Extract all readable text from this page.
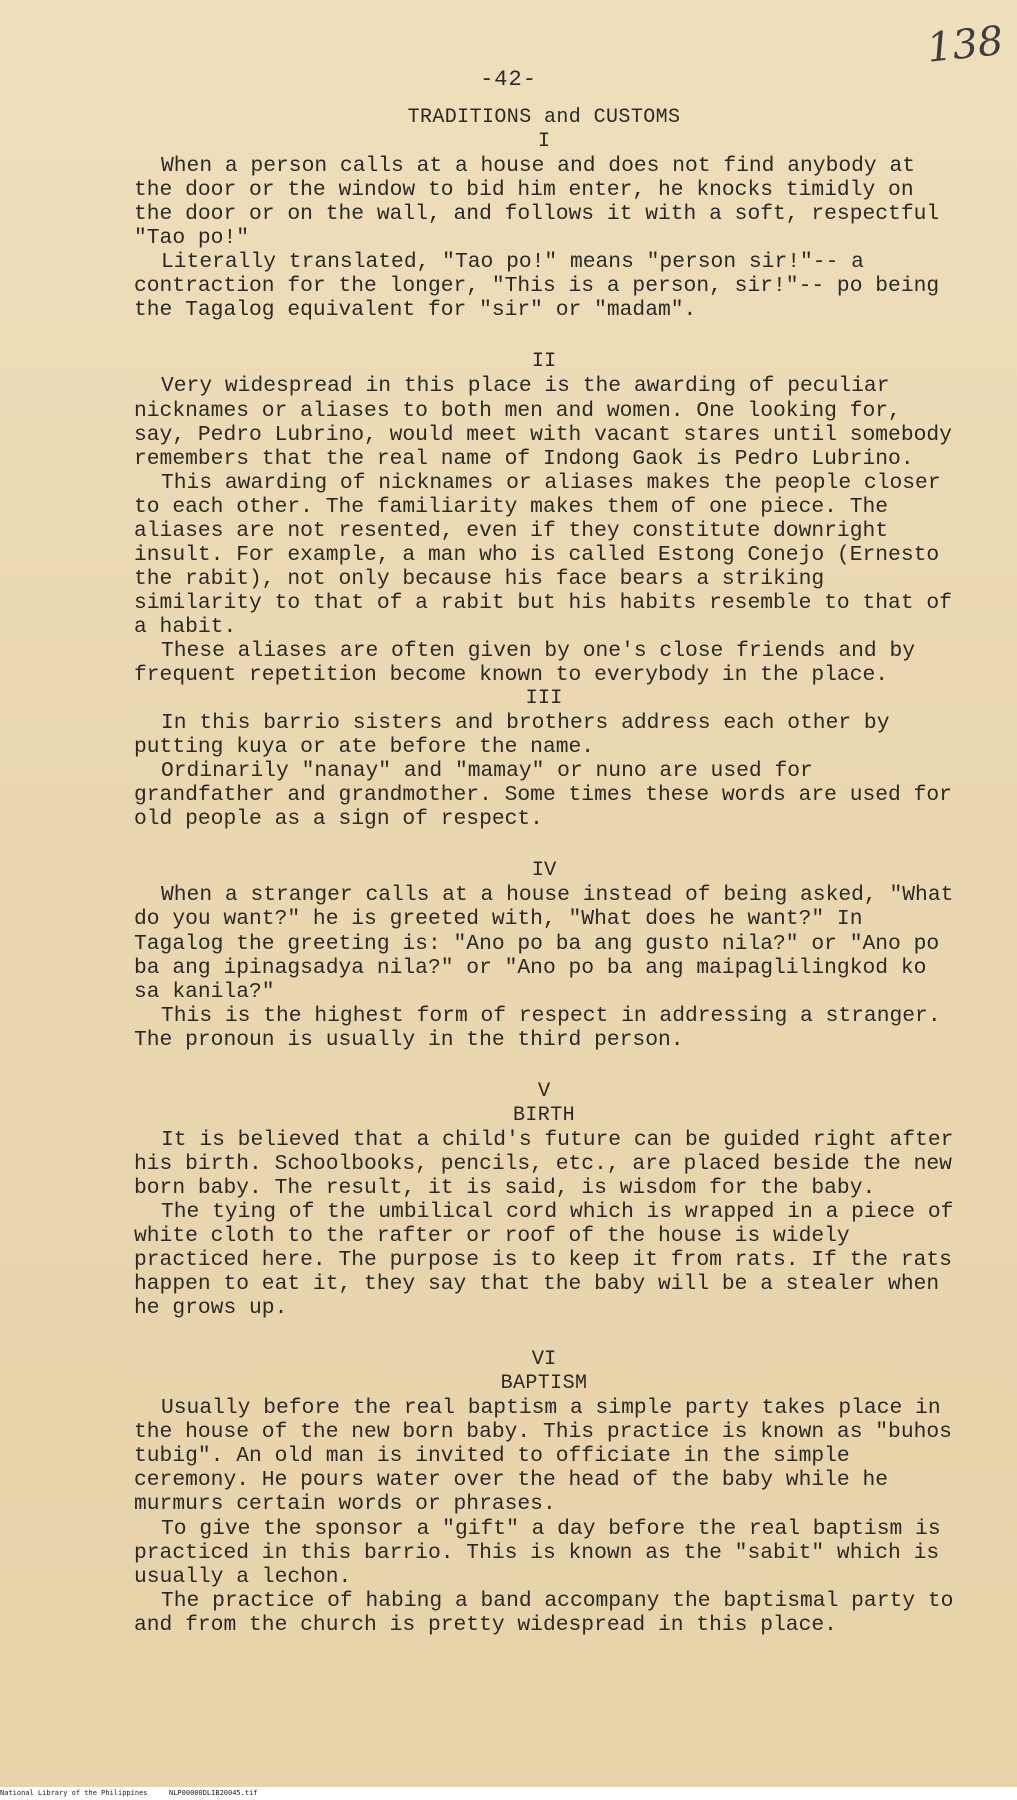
138
-42-
TRADITIONS and CUSTOMS
I

When a person calls at a house and does not find anybody at the door or the window to bid him enter, he knocks timidly on the door or on the wall, and follows it with a soft, respectful "Tao po!"

Literally translated, "Tao po!" means "person sir!"-- a contraction for the longer, "This is a person, sir!"-- po being the Tagalog equivalent for "sir" or "madam".

II

Very widespread in this place is the awarding of peculiar nicknames or aliases to both men and women. One looking for, say, Pedro Lubrino, would meet with vacant stares until somebody remembers that the real name of Indong Gaok is Pedro Lubrino.

This awarding of nicknames or aliases makes the people closer to each other. The familiarity makes them of one piece. The aliases are not resented, even if they constitute downright insult. For example, a man who is called Estong Conejo (Ernesto the rabit), not only because his face bears a striking similarity to that of a rabit but his habits resemble to that of a habit.

These aliases are often given by one's close friends and by frequent repetition become known to everybody in the place.

III

In this barrio sisters and brothers address each other by putting kuya or ate before the name.

Ordinarily "nanay" and "mamay" or nuno are used for grandfather and grandmother. Some times these words are used for old people as a sign of respect.

IV

When a stranger calls at a house instead of being asked, "What do you want?" he is greeted with, "What does he want?" In Tagalog the greeting is: "Ano po ba ang gusto nila?" or "Ano po ba ang ipinagsadya nila?" or "Ano po ba ang maipaglilingkod ko sa kanila?"

This is the highest form of respect in addressing a stranger. The pronoun is usually in the third person.

V
BIRTH

It is believed that a child's future can be guided right after his birth. Schoolbooks, pencils, etc., are placed beside the new born baby. The result, it is said, is wisdom for the baby.

The tying of the umbilical cord which is wrapped in a piece of white cloth to the rafter or roof of the house is widely practiced here. The purpose is to keep it from rats. If the rats happen to eat it, they say that the baby will be a stealer when he grows up.

VI
BAPTISM

Usually before the real baptism a simple party takes place in the house of the new born baby. This practice is known as "buhos tubig". An old man is invited to officiate in the simple ceremony. He pours water over the head of the baby while he murmurs certain words or phrases.

To give the sponsor a "gift" a day before the real baptism is practiced in this barrio. This is known as the "sabit" which is usually a lechon.

The practice of habing a band accompany the baptismal party to and from the church is pretty widespread in this place.

National Library of the Philippines	NLP00000DLIB20045.tif
